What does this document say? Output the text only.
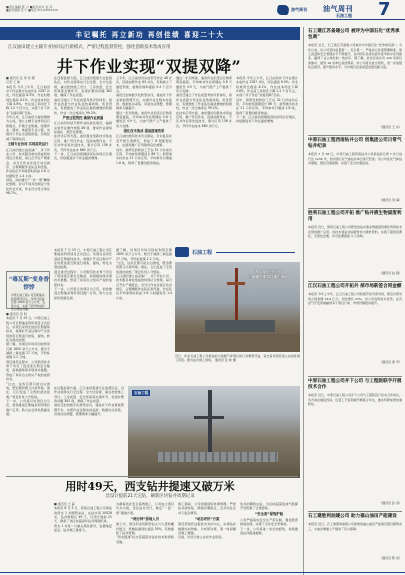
■责任编辑 陈 川 ■责任校对 赵 萍
■美术编辑 张 宁 ■电话 010-64523456	油气周刊 油气周刊
石油工程 7
丰记嘱托 再立新功 再创佳绩 喜迎二十大
江汉油田建立主辅专业协同运行新模式，严密过程监督管控，强化创新技术集成应用
井下作业实现“双提双降”
■ 通讯员 张 琦 李 娜
记者 王 健

本报讯 今年上半年，江汉油田井下作业累计完成作业 1287 井次，同比提高 6.3%；作业时效同比提高 8.1%，作业成本同比下降 4.6%，作业返工率同比下降 1.2 个百分点，实现了井下作业“双提双降”目标。

今年以来，江汉油田以提质增效为主线，建立主辅专业协同运行新模式，打破专业壁垒，统筹作业、测试、地面等专业力量，实现井下作业全流程衔接，有效压减了等停时间。

主辅专业协同 实现高效运行

江汉油田建立由采油厂、井下作业公司、技术服务单位组成的协同运行机制，每日召开生产调度会，对当日作业井进行动态排序，合理调配作业队伍和设备，作业队伍平均等停时间由 2.6 小时缩短至 1.4 小时。

同时，油田推行“一井一策”精细化管理，针对不同井况制定个性化作业方案，作业设计符合率达 98.7%。

在过程监督方面，江汉油田组建专业监督队伍，对作业现场实行全过程、全方位监督，重点把控施工设计、工序质量、安全环保等关键环节，发现并整改问题 362 项，确保了作业质量。

油田还建立了作业质量考核评价体系，将作业质量与作业队伍结算挂钩，奖优罚劣，有效激发了作业队伍提质增效的积极性，作业一次合格率达 99.2%。

严密过程管控 确保作业质量

江汉油田持续开展作业标准化建设，编制完善作业操作规程 46 项，推动作业现场标准化、规范化管理。

在技术应用方面，油田强化创新技术集成应用，推广带压作业、连续油管作业、不压井作业等先进技术，累计应用 156 井次，节约作业成本 860 余万元。

下一步，江汉油田将继续深化协同运行模式，持续推进井下作业提质增效。

上半年，江汉油田共完成带压作业 48 井次，连续油管作业 63 井次，有效减少了储层伤害，措施有效率提高 5.4 个百分点。

油田还加快数字化转型步伐，建成井下作业智能管理平台，实现作业过程实时监控、数据自动采集、异常自动预警，管理效率大幅提升。

通过一系列举措，油田作业系统运行效率明显提高，平均单井作业周期由 5.8 天缩短至 4.9 天，为油气稳产上产提供了有力支撑。

强化技术集成 提高措施效果

江汉油田组织技术攻关团队，针对复杂井况开展专项研究，形成了 8 项配套技术，在现场推广应用取得良好效果。

其中，新研发的防砂工艺在 32 口井成功应用，平均检泵周期延长 86 天；新型堵水技术在 21 口井应用，平均单井日增油 1.6 吨，取得了显著的经济效益。

通过一系列举措，油田作业系统运行效率明显提高，平均单井作业周期由 5.8 天缩短至 4.9 天，为油气稳产上产提供了有力支撑。

油田还建立了作业质量考核评价体系，将作业质量与作业队伍结算挂钩，奖优罚劣，有效激发了作业队伍提质增效的积极性，作业一次合格率达 99.2%。

在技术应用方面，油田强化创新技术集成应用，推广带压作业、连续油管作业、不压井作业等先进技术，累计应用 156 井次，节约作业成本 860 余万元。

本报讯 今年上半年，江汉油田井下作业累计完成作业 1287 井次，同比提高 6.3%；作业时效同比提高 8.1%，作业成本同比下降 4.6%，作业返工率同比下降 1.2 个百分点，实现了井下作业“双提双降”目标。

其中，新研发的防砂工艺在 32 口井成功应用，平均检泵周期延长 86 天；新型堵水技术在 21 口井应用，平均单井日增油 1.6 吨，取得了显著的经济效益。

下一步，江汉油田将继续深化协同运行模式，持续推进井下作业提质增效。

“毒瓦斯”变身香饽饽
中原石油工程公司瓦斯抽采利用项目投运，年均可回收瓦斯 1800 余万立方米，变废为宝，实现了经济效益和生态效益双赢。
■ 通讯员 李 明

本报讯 7 月 25 日，中原石油工程公司瓦斯抽采利用项目正式投运。该项目采用先进的瓦斯提纯技术，将煤矿开采过程中产生的低浓度瓦斯进行收集、提纯，转化为清洁能源。

据了解，该项目年均可回收利用瓦斯 1800 余万立方米，相当于减排二氧化碳 27 万吨，节约标准煤 2.2 万吨。

项目建设过程中，公司组织技术骨干攻克了低浓度瓦斯安全输送、高效提纯等多项技术难题，形成了具有自主知识产权的成套技术。

“过去，这些瓦斯只能白白排放，既浪费资源又污染环境。现在，它们变成了宝贵的清洁能源。”项目负责人介绍说。

下一步，公司将以该项目为示范，加快推进瓦斯抽采利用项目推广应用，助力企业绿色低碳发展。

本报讯 7 月 25 日，中原石油工程公司瓦斯抽采利用项目正式投运。该项目采用先进的瓦斯提纯技术，将煤矿开采过程中产生的低浓度瓦斯进行收集、提纯，转化为清洁能源。

项目建设过程中，公司组织技术骨干攻克了低浓度瓦斯安全输送、高效提纯等多项技术难题，形成了具有自主知识产权的成套技术。

下一步，公司将以该项目为示范，加快推进瓦斯抽采利用项目推广应用，助力企业绿色低碳发展。

据了解，该项目年均可回收利用瓦斯 1800 余万立方米，相当于减排二氧化碳 27 万吨，节约标准煤 2.2 万吨。

“过去，这些瓦斯只能白白排放，既浪费资源又污染环境。现在，它们变成了宝贵的清洁能源。”项目负责人介绍说。

江汉油田建立由采油厂、井下作业公司、技术服务单位组成的协同运行机制，每日召开生产调度会，对当日作业井进行动态排序，合理调配作业队伍和设备，作业队伍平均等停时间由 2.6 小时缩短至 1.4 小时。

在过程监督方面，江汉油田组建专业监督队伍，对作业现场实行全过程、全方位监督，重点把控施工设计、工序质量、安全环保等关键环节，发现并整改问题 362 项，确保了作业质量。

油田还加快数字化转型步伐，建成井下作业智能管理平台，实现作业过程实时监控、数据自动采集、异常自动预警，管理效率大幅提升。

石油工程
华东油气分公司
川南储气库项目施工现场
近日，华东石油工程公司承钻的川南储气库项目首口井顺利开钻，标志着该项目进入实质性施工阶段。图为钻井施工现场。 通讯员 张 林 摄
石油工程
用时49天，西支钻井提速又破万米
比设计提前21天完钻，刷新区块钻井周期记录
■ 通讯员 王 磊

本报讯 8 月 3 日，西南石油工程公司承钻的西支 1 井顺利完钻，完钻井深 10028 米，钻井周期仅 49 天，比设计提前 21 天，刷新了该区块超深井钻井周期纪录。

西支 1 井是一口重点风险探井，钻遇地层复杂，钻井施工难度大。

为确保该井安全高效施工，公司成立项目攻关小组，优化钻井设计，制定“一层一策”提速方案。

“两分钟”原地入井

施工中，项目部采用新型钻头与大扭矩螺杆组合，机械钻速同比提高 35%，有效缩短了钻井周期。

“西支提速”标志着超深井钻井技术取得新突破。

施工期间，公司加强现场协调管理，严控钻井液性能，确保井眼稳定，全井未发生井下复杂情况。

“动态评价”方案

项目部依托远程技术支持中心，实现钻井数据实时传输、分析和决策，第一时间解决施工难题。

目前，该井已转入完井作业阶段。

该井的顺利完钻，为区块超深层油气勘探开发积累了宝贵经验。

“安全套”保驾护航

公司严格落实安全生产责任制，强化隐患排查治理，实现了全井安全零事故。

下一步，公司将进一步总结经验，持续推进钻井提速提效。

石工建江苏备建公司 被评为中国石化“优秀承包商”
本报讯 近日，石工建江苏备建公司被评为中国石化“优秀承包商”。今年以来，该公司坚持质量第一、安全第一，严格执行各项管理制度，施工质量和安全管理水平不断提升，在中国石化承包商年度考核中名列前茅，赢得了业主单位的一致好评。据了解，此次评选共有 120 家承包商参评，最终 18 家单位获此殊荣。该公司将以此为契机，进一步加强队伍建设，提升服务水平，为中国石化高质量发展贡献力量。
（通讯员 王 东）
中原石油工程西南钻井公司 创集团公司日常气钻井纪录
本报讯 7 月 28 日，中原石油工程西南钻井公司承钻的元坝 7 井日进尺达 1236 米，创中国石化气体钻井单日进尺纪录。该公司优化气体钻井参数，强化设备保障，实现了安全快速钻进。
（通讯员 刘 海）
胜利石油工程公司开拓 推广钻井液生物固废利用
本报讯 近日，胜利石油工程公司研发的钻井液生物固废资源化利用技术在现场推广应用。该技术将钻井固废转化为建材原料，实现了固废资源化、无害化处理，年可处理固废 3 万余吨。
（通讯员 赵 强）
江汉石油工程公司开拓外 部市场新签合同金额
本报讯 今年上半年，江汉石油工程公司积极开拓外部市场，新签外部市场合同金额 18.6 亿元，同比增长 23%。该公司发挥技术优势，在页岩气开发领域赢得多个项目订单，市场份额稳步提升。
（通讯员 周 平）
中原石油工程公司井下公司 与工程院联手开展技术合作
本报讯 近日，中原石油工程公司井下公司与工程院签订技术合作协议，双方将在储层改造、压裂工艺等领域开展联合攻关，推动科研成果快速转化。
（通讯员 孙 涛）
石工建胜利油建公司 助力福山油田产能建设
本报讯 近日，石工建胜利油建公司承建的福山油田产能建设项目顺利完工，为油田增储上产提供了有力保障。
（通讯员 陈 亮）
